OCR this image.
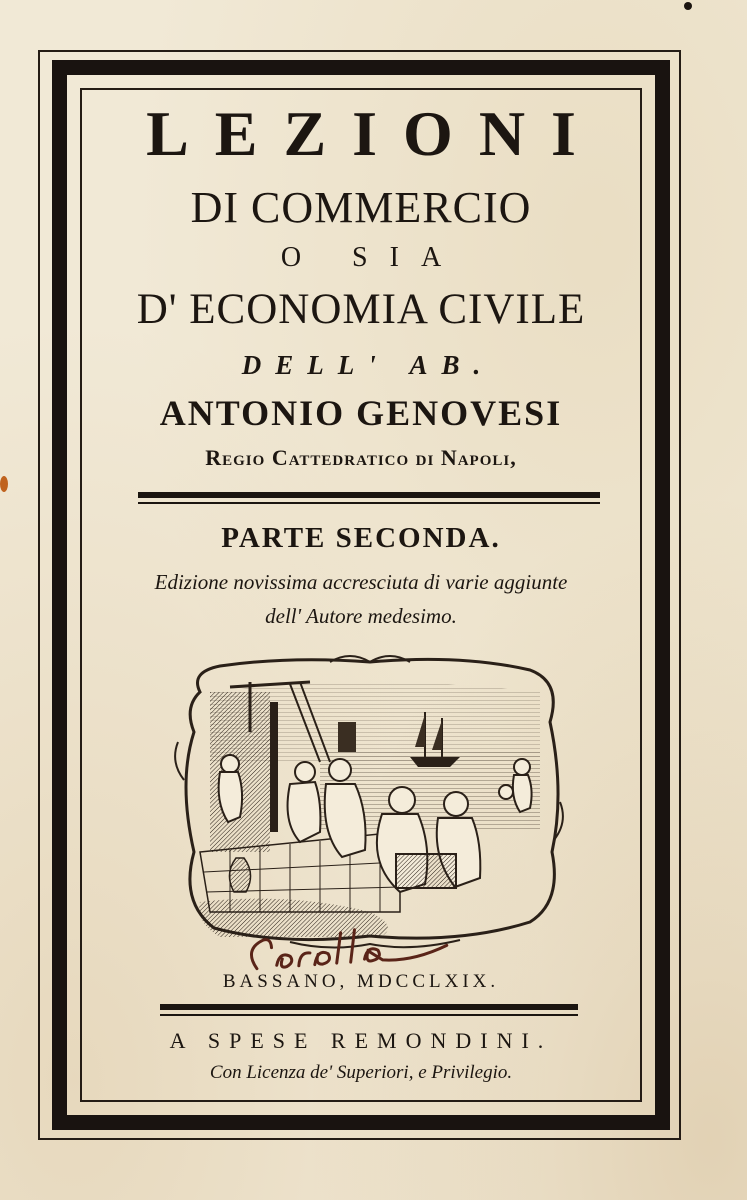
LEZIONI
DI COMMERCIO
O SIA
D' ECONOMIA CIVILE
DELL' AB.
ANTONIO GENOVESI
Regio Cattedratico di Napoli,
PARTE SECONDA.
Edizione novissima accresciuta di varie aggiunte
dell' Autore medesimo.
BASSANO, MDCCLXIX.
A SPESE REMONDINI.
Con Licenza de' Superiori, e Privilegio.
